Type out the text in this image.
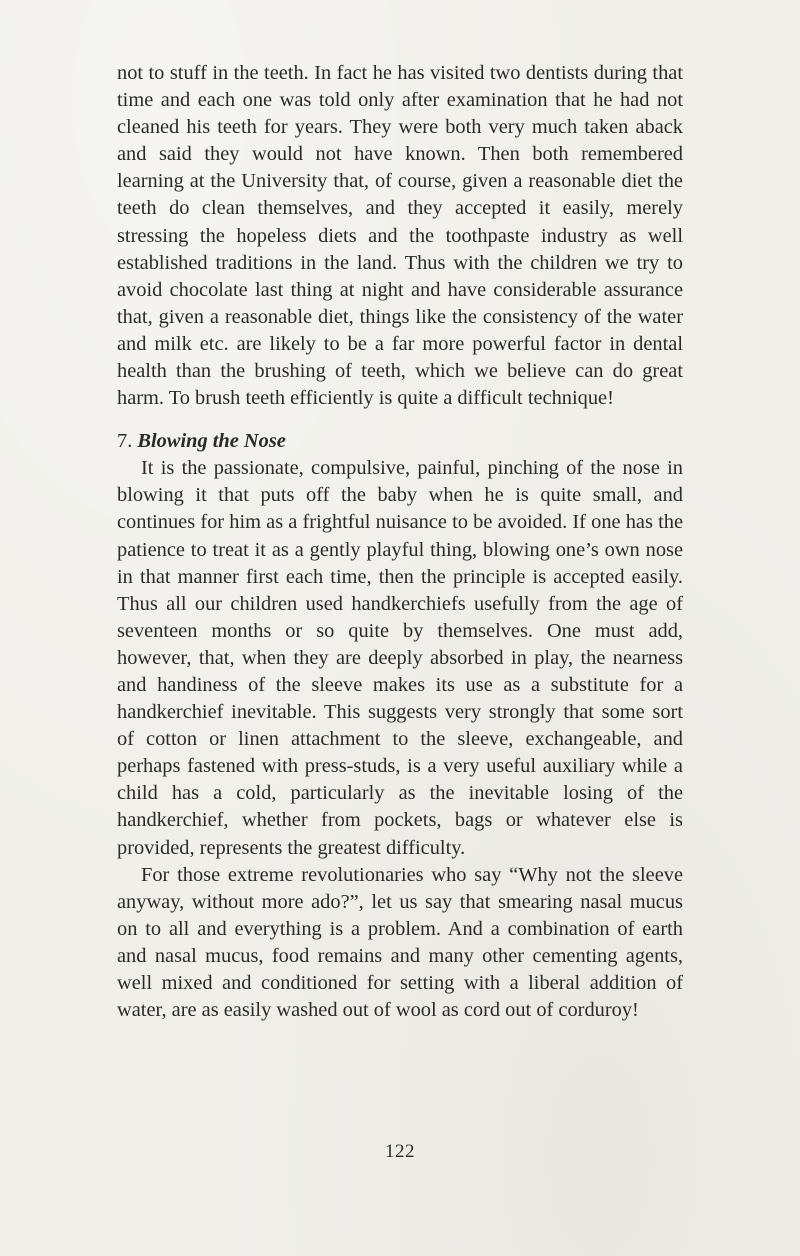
not to stuff in the teeth. In fact he has visited two dentists during that time and each one was told only after examination that he had not cleaned his teeth for years. They were both very much taken aback and said they would not have known. Then both remembered learning at the University that, of course, given a reasonable diet the teeth do clean themselves, and they accepted it easily, merely stressing the hopeless diets and the toothpaste industry as well established traditions in the land. Thus with the children we try to avoid chocolate last thing at night and have considerable assurance that, given a reasonable diet, things like the consistency of the water and milk etc. are likely to be a far more powerful factor in dental health than the brushing of teeth, which we believe can do great harm. To brush teeth efficiently is quite a difficult technique!

7. Blowing the Nose

It is the passionate, compulsive, painful, pinching of the nose in blowing it that puts off the baby when he is quite small, and continues for him as a frightful nuisance to be avoided. If one has the patience to treat it as a gently playful thing, blowing one’s own nose in that manner first each time, then the principle is accepted easily. Thus all our children used handkerchiefs usefully from the age of seventeen months or so quite by themselves. One must add, however, that, when they are deeply absorbed in play, the nearness and handiness of the sleeve makes its use as a substitute for a handkerchief inevitable. This suggests very strongly that some sort of cotton or linen attachment to the sleeve, exchangeable, and perhaps fastened with press-studs, is a very useful auxiliary while a child has a cold, particularly as the inevitable losing of the handkerchief, whether from pockets, bags or whatever else is provided, represents the greatest difficulty.

For those extreme revolutionaries who say “Why not the sleeve anyway, without more ado?”, let us say that smearing nasal mucus on to all and everything is a problem. And a combination of earth and nasal mucus, food remains and many other cementing agents, well mixed and conditioned for setting with a liberal addition of water, are as easily washed out of wool as cord out of corduroy!

122
